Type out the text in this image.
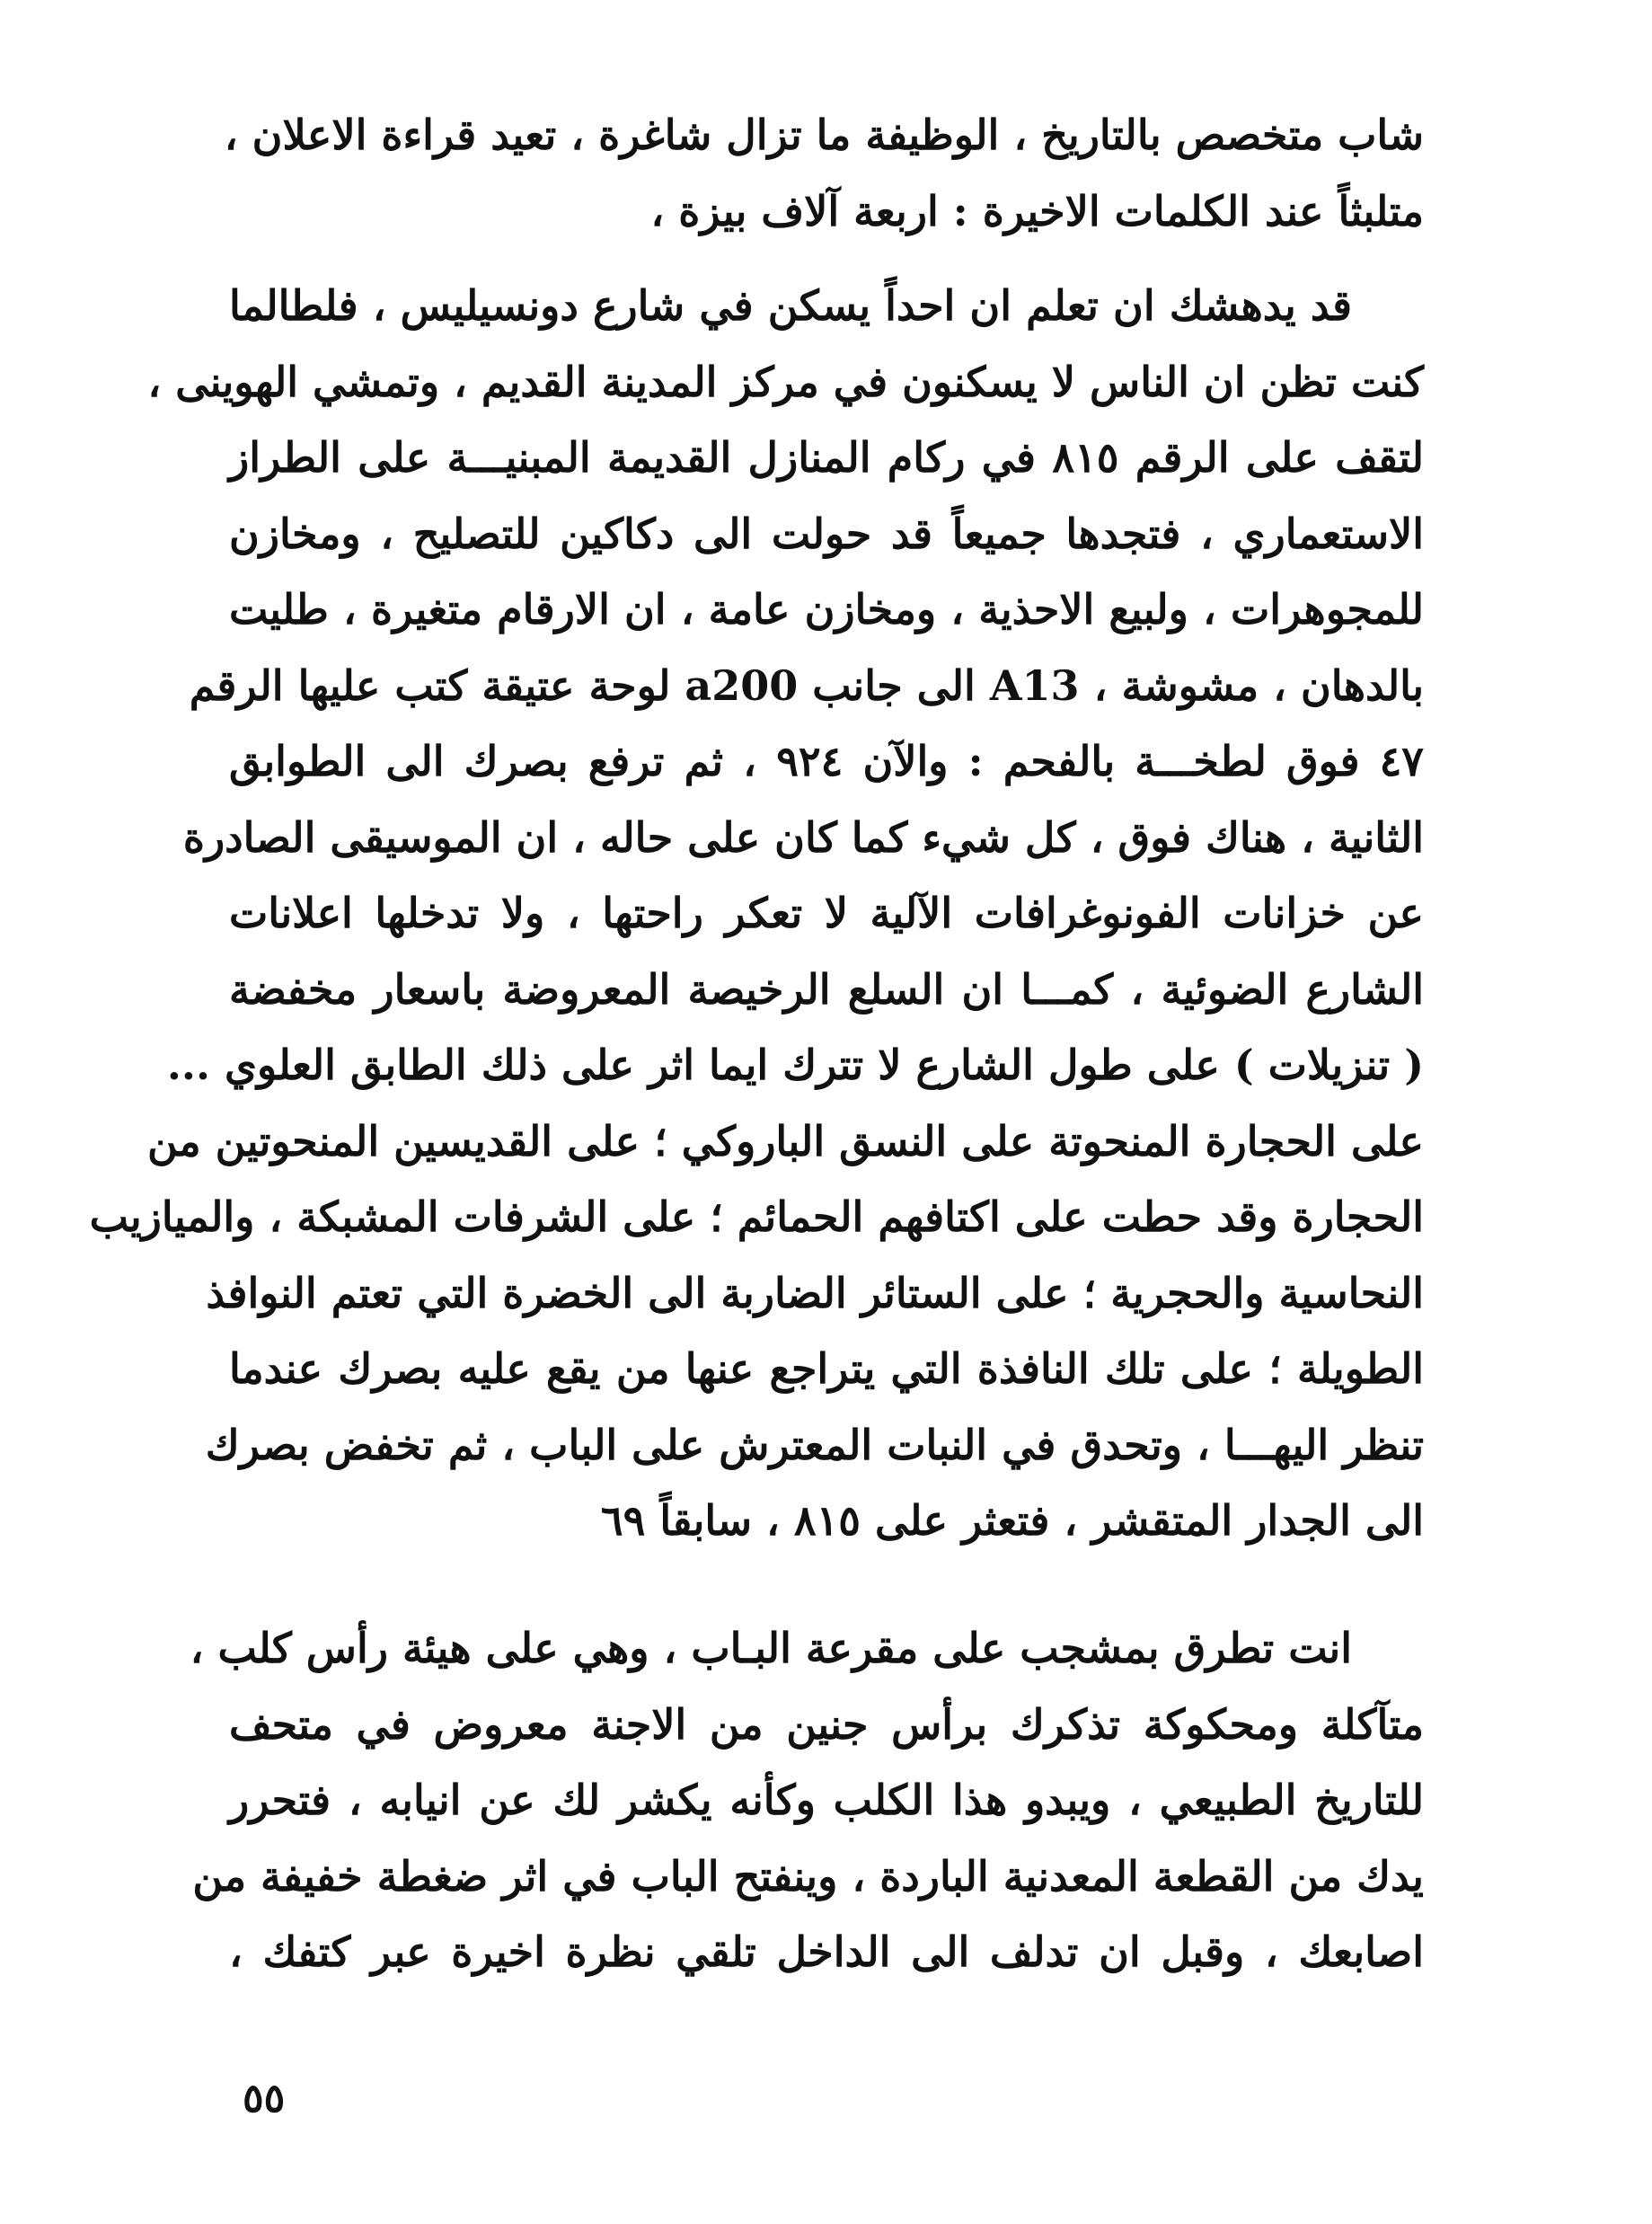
شاب متخصص بالتاريخ ، الوظيفة ما تزال شاغرة ، تعيد قراءة الاعلان ،
متلبثاً عند الكلمات الاخيرة : اربعة آلاف بيزة ،
قد يدهشك ان تعلم ان احداً يسكن في شارع دونسيليس ، فلطالما
كنت تظن ان الناس لا يسكنون في مركز المدينة القديم ، وتمشي الهوينى ،
لتقف على الرقم ٨١٥ في ركام المنازل القديمة المبنيـــة على الطراز
الاستعماري ، فتجدها جميعاً قد حولت الى دكاكين للتصليح ، ومخازن
للمجوهرات ، ولبيع الاحذية ، ومخازن عامة ، ان الارقام متغيرة ، طليت
بالدهان ، مشوشة ، A13 الى جانب a200 لوحة عتيقة كتب عليها الرقم
٤٧ فوق لطخـــة بالفحم : والآن ٩٢٤ ، ثم ترفع بصرك الى الطوابق
الثانية ، هناك فوق ، كل شيء كما كان على حاله ، ان الموسيقى الصادرة
عن خزانات الفونوغرافات الآلية لا تعكر راحتها ، ولا تدخلها اعلانات
الشارع الضوئية ، كمـــا ان السلع الرخيصة المعروضة باسعار مخفضة
( تنزيلات ) على طول الشارع لا تترك ايما اثر على ذلك الطابق العلوي ...
على الحجارة المنحوتة على النسق الباروكي ؛ على القديسين المنحوتين من
الحجارة وقد حطت على اكتافهم الحمائم ؛ على الشرفات المشبكة ، والميازيب
النحاسية والحجرية ؛ على الستائر الضاربة الى الخضرة التي تعتم النوافذ
الطويلة ؛ على تلك النافذة التي يتراجع عنها من يقع عليه بصرك عندما
تنظر اليهـــا ، وتحدق في النبات المعترش على الباب ، ثم تخفض بصرك
الى الجدار المتقشر ، فتعثر على ٨١٥ ، سابقاً ٦٩
انت تطرق بمشجب على مقرعة البـاب ، وهي على هيئة رأس كلب ،
متآكلة ومحكوكة تذكرك برأس جنين من الاجنة معروض في متحف
للتاريخ الطبيعي ، ويبدو هذا الكلب وكأنه يكشر لك عن انيابه ، فتحرر
يدك من القطعة المعدنية الباردة ، وينفتح الباب في اثر ضغطة خفيفة من
اصابعك ، وقبل ان تدلف الى الداخل تلقي نظرة اخيرة عبر كتفك ،
٥٥
